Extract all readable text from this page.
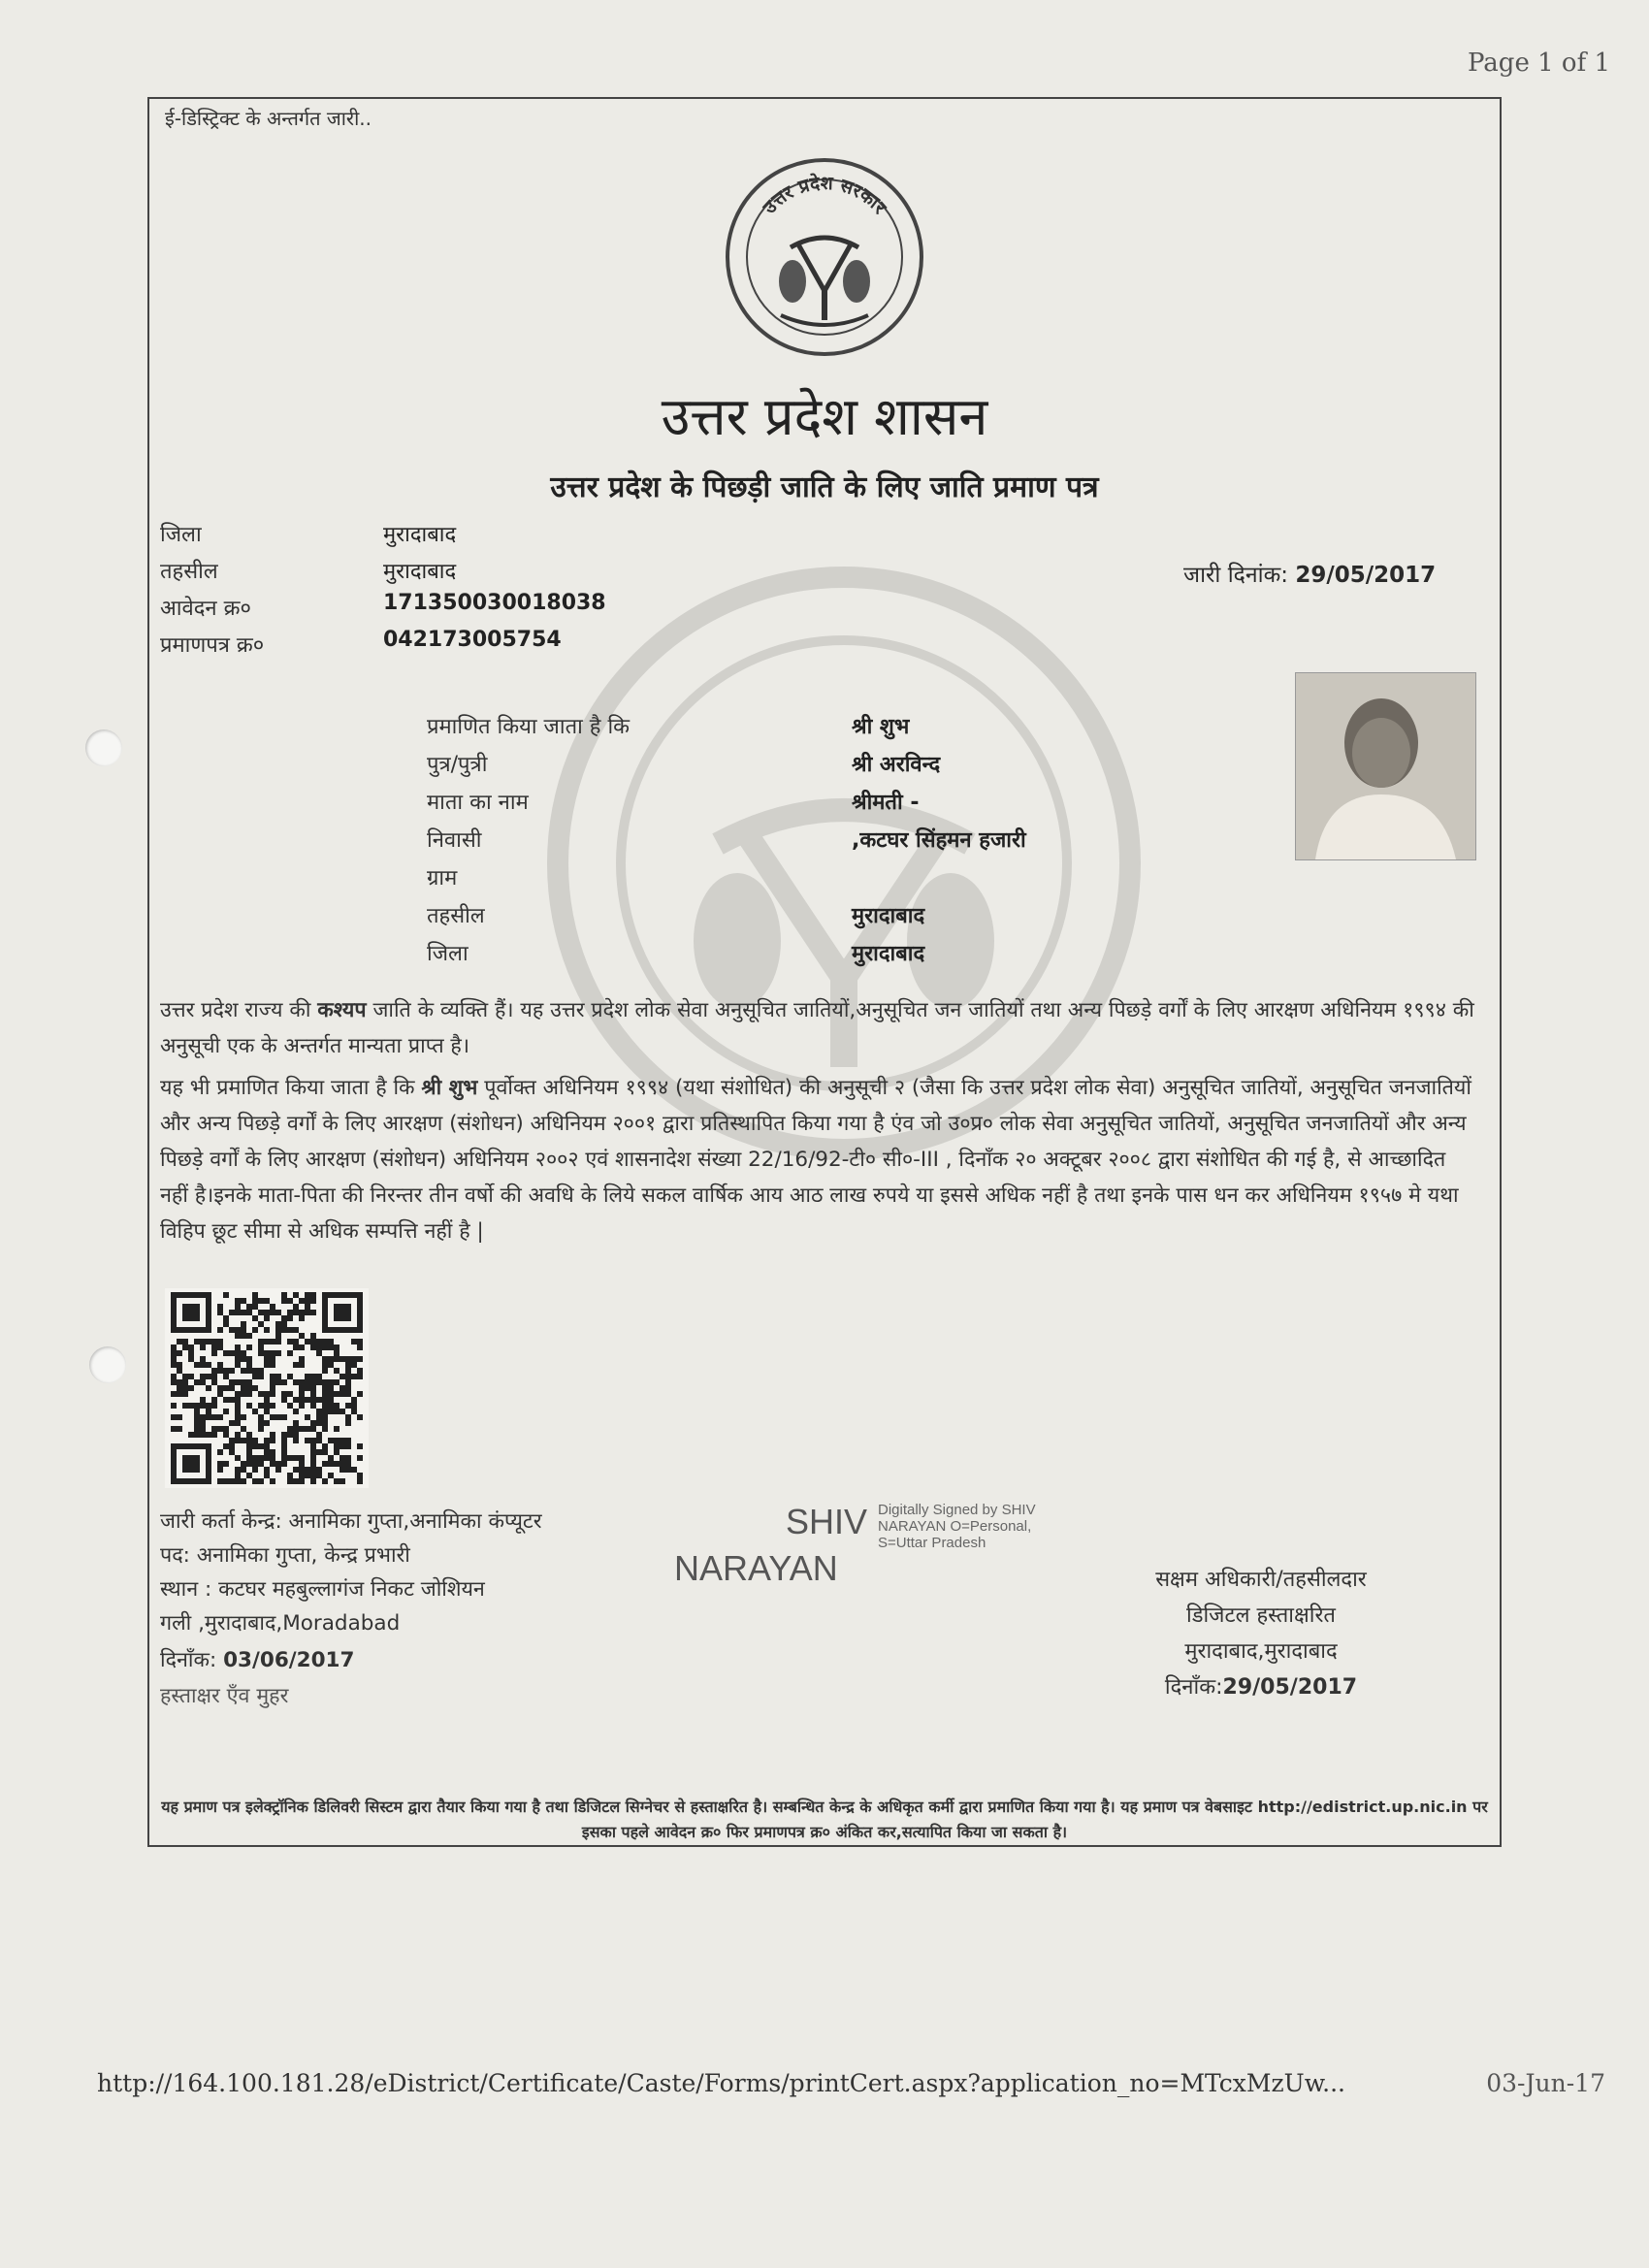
Page 1 of 1
ई-डिस्ट्रिक्ट के अन्तर्गत जारी..
उत्तर प्रदेश सरकार
उत्तर प्रदेश शासन
उत्तर प्रदेश के पिछड़ी जाति के लिए जाति प्रमाण पत्र
जिला	मुरादाबाद
तहसील	मुरादाबाद
आवेदन क्र०	171350030018038
प्रमाणपत्र क्र०	042173005754
जारी दिनांक: 29/05/2017
प्रमाणित किया जाता है कि	श्री शुभ
पुत्र/पुत्री	श्री अरविन्द
माता का नाम	श्रीमती -
निवासी	,कटघर सिंहमन हजारी
ग्राम
तहसील	मुरादाबाद
जिला	मुरादाबाद
उत्तर प्रदेश राज्य की कश्यप जाति के व्यक्ति हैं। यह उत्तर प्रदेश लोक सेवा अनुसूचित जातियों,अनुसूचित जन जातियों तथा अन्य पिछड़े वर्गों के लिए आरक्षण अधिनियम १९९४ की अनुसूची एक के अन्तर्गत मान्यता प्राप्त है।
यह भी प्रमाणित किया जाता है कि श्री शुभ पूर्वोक्त अधिनियम १९९४ (यथा संशोधित) की अनुसूची २ (जैसा कि उत्तर प्रदेश लोक सेवा) अनुसूचित जातियों, अनुसूचित जनजातियों और अन्य पिछड़े वर्गों के लिए आरक्षण (संशोधन) अधिनियम २००१ द्वारा प्रतिस्थापित किया गया है एंव जो उ०प्र० लोक सेवा अनुसूचित जातियों, अनुसूचित जनजातियों और अन्य पिछड़े वर्गों के लिए आरक्षण (संशोधन) अधिनियम २००२ एवं शासनादेश संख्या 22/16/92-टी० सी०-III , दिनाँक २० अक्टूबर २००८ द्वारा संशोधित की गई है, से आच्छादित नहीं है।इनके माता-पिता की निरन्तर तीन वर्षो की अवधि के लिये सकल वार्षिक आय आठ लाख रुपये या इससे अधिक नहीं है तथा इनके पास धन कर अधिनियम १९५७ मे यथा विहिप छूट सीमा से अधिक सम्पत्ति नहीं है |
जारी कर्ता केन्द्र: अनामिका गुप्ता,अनामिका कंप्यूटर
पद: अनामिका गुप्ता, केन्द्र प्रभारी
स्थान : कटघर महबुल्लागंज निकट जोशियन
गली ,मुरादाबाद,Moradabad
दिनाँक: 03/06/2017
हस्ताक्षर एँव मुहर
SHIV
NARAYAN
Digitally Signed by SHIV
NARAYAN O=Personal,
S=Uttar Pradesh
सक्षम अधिकारी/तहसीलदार
डिजिटल हस्ताक्षरित
मुरादाबाद,मुरादाबाद
दिनाँक:29/05/2017
यह प्रमाण पत्र इलेक्ट्रॉनिक डिलिवरी सिस्टम द्वारा तैयार किया गया है तथा डिजिटल सिग्नेचर से हस्ताक्षरित है। सम्बन्धित केन्द्र के अधिकृत कर्मी द्वारा प्रमाणित किया गया है। यह प्रमाण पत्र वेबसाइट http://edistrict.up.nic.in पर इसका पहले आवेदन क्र० फिर प्रमाणपत्र क्र० अंकित कर,सत्यापित किया जा सकता है।
http://164.100.181.28/eDistrict/Certificate/Caste/Forms/printCert.aspx?application_no=MTcxMzUw...	03-Jun-17
